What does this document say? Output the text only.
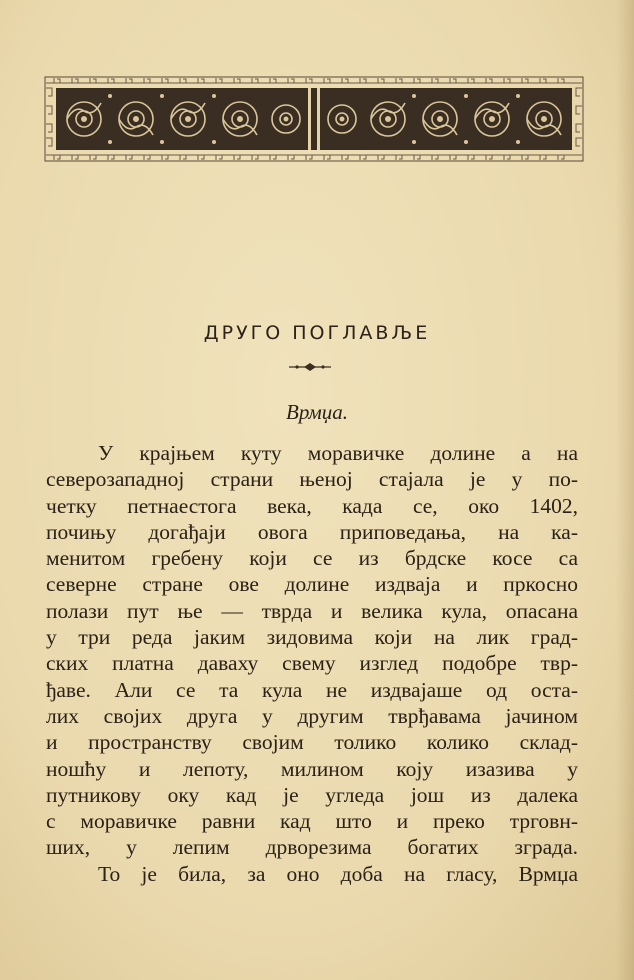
ДРУГО ПОГЛАВЉЕ
Врмџа.
У крајњем куту моравичке долине а на
северозападној страни њеној стајала је у по-
четку петнаестога века, када се, око 1402,
почињу догађаји овога приповедања, на ка-
менитом гребену који се из брдске косе са
северне стране ове долине издваја и пркосно
полази пут ње — тврда и велика кула, опасана
у три реда јаким зидовима који на лик град-
ских платна даваху свему изглед подобре твр-
ђаве. Али се та кула не издвајаше од оста-
лих својих друга у другим тврђавама јачином
и пространству својим толико колико склад-
ношћу и лепоту, милином коју изазива у
путникову оку кад је угледа још из далека
с моравичке равни кад што и преко трговн-
ших, у лепим дрворезима богатих зграда.
То је била, за оно доба на гласу, Врмџа
